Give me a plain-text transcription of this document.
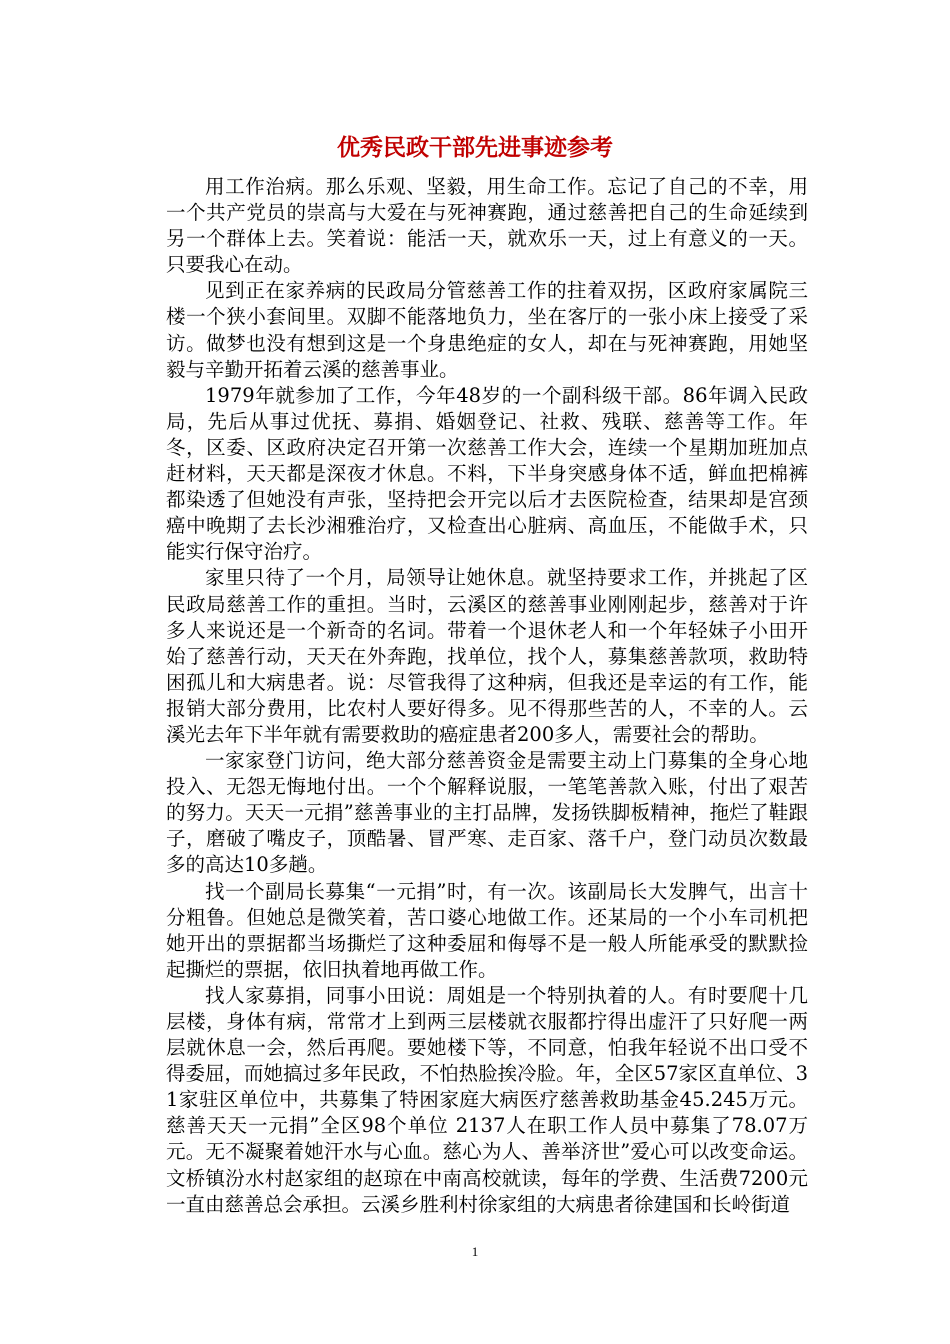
优秀民政干部先进事迹参考

用工作治病。那么乐观、坚毅，用生命工作。忘记了自己的不幸，用一个共产党员的崇高与大爱在与死神赛跑，通过慈善把自己的生命延续到另一个群体上去。笑着说：能活一天，就欢乐一天，过上有意义的一天。只要我心在动。

见到正在家养病的民政局分管慈善工作的拄着双拐，区政府家属院三楼一个狭小套间里。双脚不能落地负力，坐在客厅的一张小床上接受了采访。做梦也没有想到这是一个身患绝症的女人，却在与死神赛跑，用她坚毅与辛勤开拓着云溪的慈善事业。

1979年就参加了工作，今年48岁的一个副科级干部。86年调入民政局，先后从事过优抚、募捐、婚姻登记、社救、残联、慈善等工作。年冬，区委、区政府决定召开第一次慈善工作大会，连续一个星期加班加点赶材料，天天都是深夜才休息。不料，下半身突感身体不适，鲜血把棉裤都染透了但她没有声张，坚持把会开完以后才去医院检查，结果却是宫颈癌中晚期了去长沙湘雅治疗，又检查出心脏病、高血压，不能做手术，只能实行保守治疗。

家里只待了一个月，局领导让她休息。就坚持要求工作，并挑起了区民政局慈善工作的重担。当时，云溪区的慈善事业刚刚起步，慈善对于许多人来说还是一个新奇的名词。带着一个退休老人和一个年轻妹子小田开始了慈善行动，天天在外奔跑，找单位，找个人，募集慈善款项，救助特困孤儿和大病患者。说：尽管我得了这种病，但我还是幸运的有工作，能报销大部分费用，比农村人要好得多。见不得那些苦的人，不幸的人。云溪光去年下半年就有需要救助的癌症患者200多人，需要社会的帮助。

一家家登门访问，绝大部分慈善资金是需要主动上门募集的全身心地投入、无怨无悔地付出。一个个解释说服，一笔笔善款入账，付出了艰苦的努力。天天一元捐”慈善事业的主打品牌，发扬铁脚板精神，拖烂了鞋跟子，磨破了嘴皮子，顶酷暑、冒严寒、走百家、落千户，登门动员次数最多的高达10多趟。

找一个副局长募集“一元捐”时，有一次。该副局长大发脾气，出言十分粗鲁。但她总是微笑着，苦口婆心地做工作。还某局的一个小车司机把她开出的票据都当场撕烂了这种委屈和侮辱不是一般人所能承受的默默捡起撕烂的票据，依旧执着地再做工作。

找人家募捐，同事小田说：周姐是一个特别执着的人。有时要爬十几层楼，身体有病，常常才上到两三层楼就衣服都拧得出虚汗了只好爬一两层就休息一会，然后再爬。要她楼下等，不同意，怕我年轻说不出口受不得委屈，而她搞过多年民政，不怕热脸挨冷脸。年，全区57家区直单位、31家驻区单位中，共募集了特困家庭大病医疗慈善救助基金45.245万元。慈善天天一元捐”全区98个单位 2137人在职工作人员中募集了78.07万元。无不凝聚着她汗水与心血。慈心为人、善举济世”爱心可以改变命运。文桥镇汾水村赵家组的赵琼在中南高校就读，每年的学费、生活费7200元一直由慈善总会承担。云溪乡胜利村徐家组的大病患者徐建国和长岭街道

1
